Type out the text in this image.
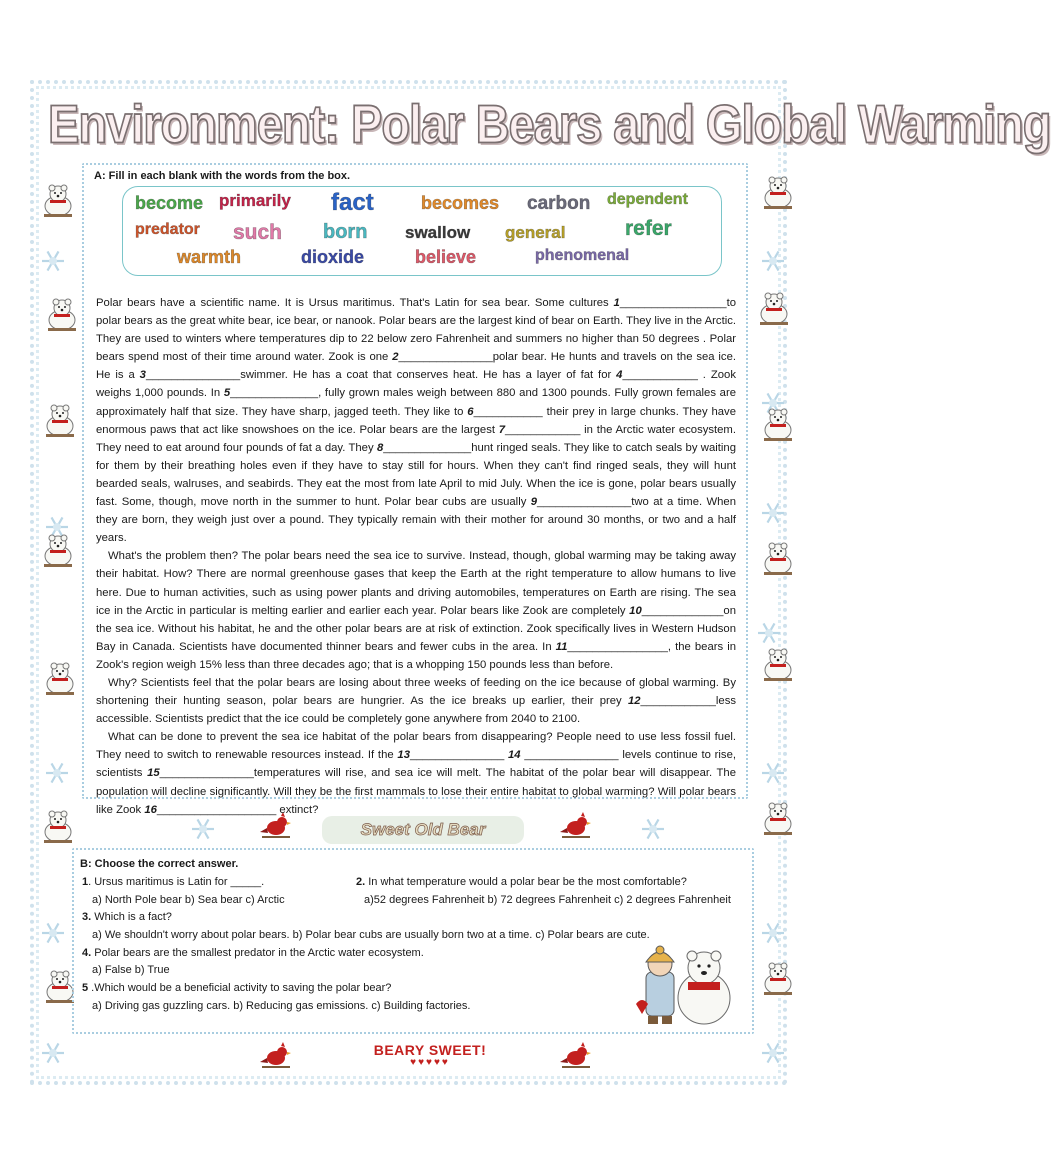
Environment: Polar Bears and Global Warming
A: Fill in each blank with the words from the box.
become primarily fact	becomes carbon dependent
predator such born swallow general	refer
warmth	dioxide	believe	phenomenal

Polar bears have a scientific name. It is Ursus maritimus. That's Latin for sea bear. Some cultures 1_________________to polar bears as the great white bear, ice bear, or nanook. Polar bears are the largest kind of bear on Earth. They live in the Arctic. They are used to winters where temperatures dip to 22 below zero Fahrenheit and summers no higher than 50 degrees . Polar bears spend most of their time around water. Zook is one 2_______________polar bear. He hunts and travels on the sea ice. He is a 3_______________swimmer. He has a coat that conserves heat. He has a layer of fat for 4____________ . Zook weighs 1,000 pounds. In 5______________, fully grown males weigh between 880 and 1300 pounds. Fully grown females are approximately half that size. They have sharp, jagged teeth. They like to 6___________ their prey in large chunks. They have enormous paws that act like snowshoes on the ice. Polar bears are the largest 7____________ in the Arctic water ecosystem. They need to eat around four pounds of fat a day. They 8______________hunt ringed seals. They like to catch seals by waiting for them by their breathing holes even if they have to stay still for hours. When they can't find ringed seals, they will hunt bearded seals, walruses, and seabirds. They eat the most from late April to mid July. When the ice is gone, polar bears usually fast. Some, though, move north in the summer to hunt. Polar bear cubs are usually 9_______________two at a time. When they are born, they weigh just over a pound. They typically remain with their mother for around 30 months, or two and a half years.

What's the problem then? The polar bears need the sea ice to survive. Instead, though, global warming may be taking away their habitat. How? There are normal greenhouse gases that keep the Earth at the right temperature to allow humans to live here. Due to human activities, such as using power plants and driving automobiles, temperatures on Earth are rising. The sea ice in the Arctic in particular is melting earlier and earlier each year. Polar bears like Zook are completely 10_____________on the sea ice. Without his habitat, he and the other polar bears are at risk of extinction. Zook specifically lives in Western Hudson Bay in Canada. Scientists have documented thinner bears and fewer cubs in the area. In 11________________, the bears in Zook's region weigh 15% less than three decades ago; that is a whopping 150 pounds less than before.

Why? Scientists feel that the polar bears are losing about three weeks of feeding on the ice because of global warming. By shortening their hunting season, polar bears are hungrier. As the ice breaks up earlier, their prey 12____________less accessible. Scientists predict that the ice could be completely gone anywhere from 2040 to 2100.

What can be done to prevent the sea ice habitat of the polar bears from disappearing? People need to use less fossil fuel. They need to switch to renewable resources instead. If the 13_______________ 14 _______________ levels continue to rise, scientists 15_______________temperatures will rise, and sea ice will melt. The habitat of the polar bear will disappear. The population will decline significantly. Will they be the first mammals to lose their entire habitat to global warming? Will polar bears like Zook 16___________________ extinct?

Sweet Old Bear
B: Choose the correct answer.
1. Ursus maritimus is Latin for _____.
a) North Pole bear b) Sea bear c) Arctic
2. In what temperature would a polar bear be the most comfortable?
a)52 degrees Fahrenheit b) 72 degrees Fahrenheit c) 2 degrees Fahrenheit
3. Which is a fact?
a) We shouldn't worry about polar bears. b) Polar bear cubs are usually born two at a time. c) Polar bears are cute.
4. Polar bears are the smallest predator in the Arctic water ecosystem.
a) False b) True
5 .Which would be a beneficial activity to saving the polar bear?
a) Driving gas guzzling cars. b) Reducing gas emissions. c) Building factories.
BEARY SWEET!
♥♥♥♥♥
